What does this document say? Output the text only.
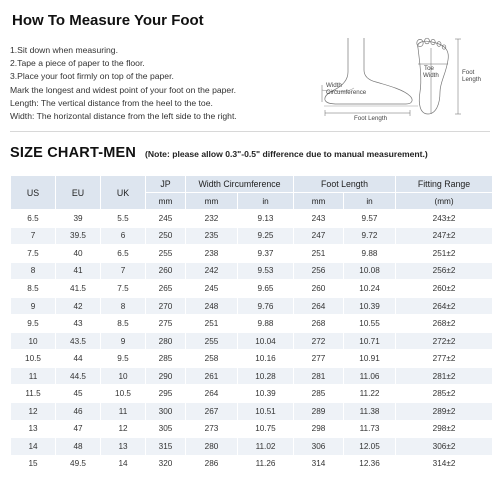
How To Measure Your Foot
1.Sit down when measuring.
2.Tape a piece of paper to the floor.
3.Place your foot firmly on top of the paper.
Mark the longest and widest point of your foot on the paper.
Length: The vertical distance from the heel to the toe.
Width: The horizontal distance from the left side to the right.
Width
Circumference
Foot Length
Toe
Width	Foot
Length
SIZE CHART-MEN (Note: please allow 0.3"-0.5" difference due to manual measurement.)
US	EU	UK	JP	Width Circumference		Foot Length		Fitting Range
			mm	mm	in	mm	in	(mm)
6.5	39	5.5	245	232	9.13	243	9.57	243±2
7	39.5	6	250	235	9.25	247	9.72	247±2
7.5	40	6.5	255	238	9.37	251	9.88	251±2
8	41	7	260	242	9.53	256	10.08	256±2
8.5	41.5	7.5	265	245	9.65	260	10.24	260±2
9	42	8	270	248	9.76	264	10.39	264±2
9.5	43	8.5	275	251	9.88	268	10.55	268±2
10	43.5	9	280	255	10.04	272	10.71	272±2
10.5	44	9.5	285	258	10.16	277	10.91	277±2
11	44.5	10	290	261	10.28	281	11.06	281±2
11.5	45	10.5	295	264	10.39	285	11.22	285±2
12	46	11	300	267	10.51	289	11.38	289±2
13	47	12	305	273	10.75	298	11.73	298±2
14	48	13	315	280	11.02	306	12.05	306±2
15	49.5	14	320	286	11.26	314	12.36	314±2
